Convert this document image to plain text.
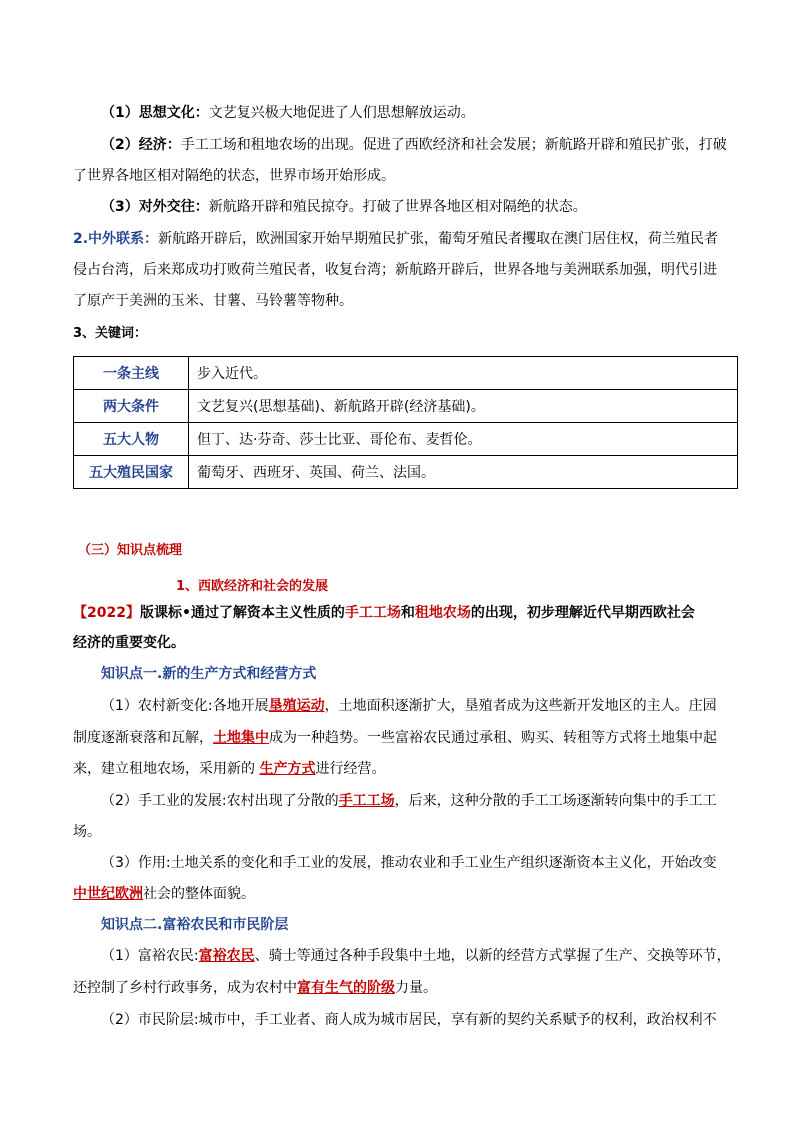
（1）思想文化：文艺复兴极大地促进了人们思想解放运动。
（2）经济：手工工场和租地农场的出现。促进了西欧经济和社会发展；新航路开辟和殖民扩张，打破
了世界各地区相对隔绝的状态，世界市场开始形成。
（3）对外交往：新航路开辟和殖民掠夺。打破了世界各地区相对隔绝的状态。
2.中外联系：新航路开辟后，欧洲国家开始早期殖民扩张，葡萄牙殖民者攫取在澳门居住权，荷兰殖民者
侵占台湾，后来郑成功打败荷兰殖民者，收复台湾；新航路开辟后，世界各地与美洲联系加强，明代引进
了原产于美洲的玉米、甘薯、马铃薯等物种。
3、关键词：
一条主线	步入近代。
两大条件	文艺复兴(思想基础)、新航路开辟(经济基础)。
五大人物	但丁、达·芬奇、莎士比亚、哥伦布、麦哲伦。
五大殖民国家	葡萄牙、西班牙、英国、荷兰、法国。
（三）知识点梳理
1、西欧经济和社会的发展
【2022】版课标•通过了解资本主义性质的手工工场和租地农场的出现，初步理解近代早期西欧社会
经济的重要变化。
知识点一.新的生产方式和经营方式
（1）农村新变化:各地开展垦殖运动，土地面积逐渐扩大，垦殖者成为这些新开发地区的主人。庄园
制度逐渐衰落和瓦解，土地集中成为一种趋势。一些富裕农民通过承租、购买、转租等方式将土地集中起
来，建立租地农场，采用新的 生产方式进行经营。
（2）手工业的发展:农村出现了分散的手工工场，后来，这种分散的手工工场逐渐转向集中的手工工
场。
（3）作用:土地关系的变化和手工业的发展，推动农业和手工业生产组织逐渐资本主义化，开始改变
中世纪欧洲社会的整体面貌。
知识点二.富裕农民和市民阶层
（1）富裕农民:富裕农民、骑士等通过各种手段集中土地，以新的经营方式掌握了生产、交换等环节，
还控制了乡村行政事务，成为农村中富有生气的阶级力量。
（2）市民阶层:城市中，手工业者、商人成为城市居民，享有新的契约关系赋予的权利，政治权利不
